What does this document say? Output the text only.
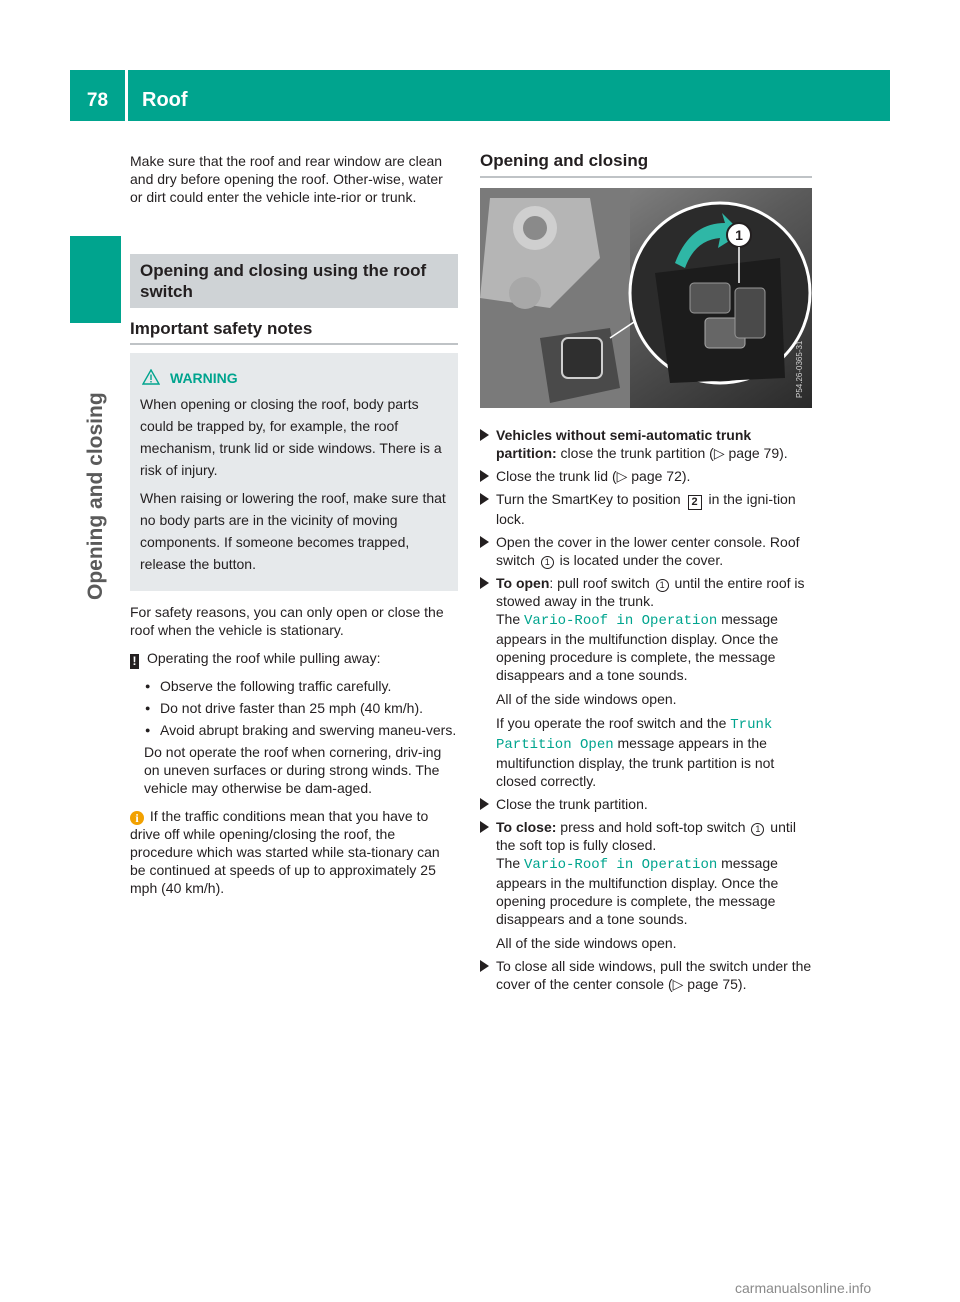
78	Roof
Opening and closing

Make sure that the roof and rear window are clean and dry before opening the roof. Other-wise, water or dirt could enter the vehicle inte-rior or trunk.

Opening and closing using the roof switch
Important safety notes
WARNING

When opening or closing the roof, body parts could be trapped by, for example, the roof mechanism, trunk lid or side windows. There is a risk of injury.

When raising or lowering the roof, make sure that no body parts are in the vicinity of moving components. If someone becomes trapped, release the button.

For safety reasons, you can only open or close the roof when the vehicle is stationary.

! Operating the roof while pulling away:

● Observe the following traffic carefully.
● Do not drive faster than 25 mph (40 km/h).
● Avoid abrupt braking and swerving maneu-vers.

Do not operate the roof when cornering, driv-ing on uneven surfaces or during strong winds. The vehicle may otherwise be dam-aged.

i If the traffic conditions mean that you have to drive off while opening/closing the roof, the procedure which was started while sta-tionary can be continued at speeds of up to approximately 25 mph (40 km/h).

Opening and closing
1
P54.26-0365-31
Vehicles without semi-automatic trunk partition: close the trunk partition (▷ page 79).
Close the trunk lid (▷ page 72).
Turn the SmartKey to position 2 in the igni-tion lock.
Open the cover in the lower center console. Roof switch 1 is located under the cover.
To open: pull roof switch 1 until the entire roof is stowed away in the trunk.
The Vario-Roof in Operation message appears in the multifunction display. Once the opening procedure is complete, the message disappears and a tone sounds.

All of the side windows open.

If you operate the roof switch and the Trunk Partition Open message appears in the multifunction display, the trunk partition is not closed correctly.

Close the trunk partition.
To close: press and hold soft-top switch 1 until the soft top is fully closed.
The Vario-Roof in Operation message appears in the multifunction display. Once the opening procedure is complete, the message disappears and a tone sounds.

All of the side windows open.

To close all side windows, pull the switch under the cover of the center console (▷ page 75).
carmanualsonline.info
